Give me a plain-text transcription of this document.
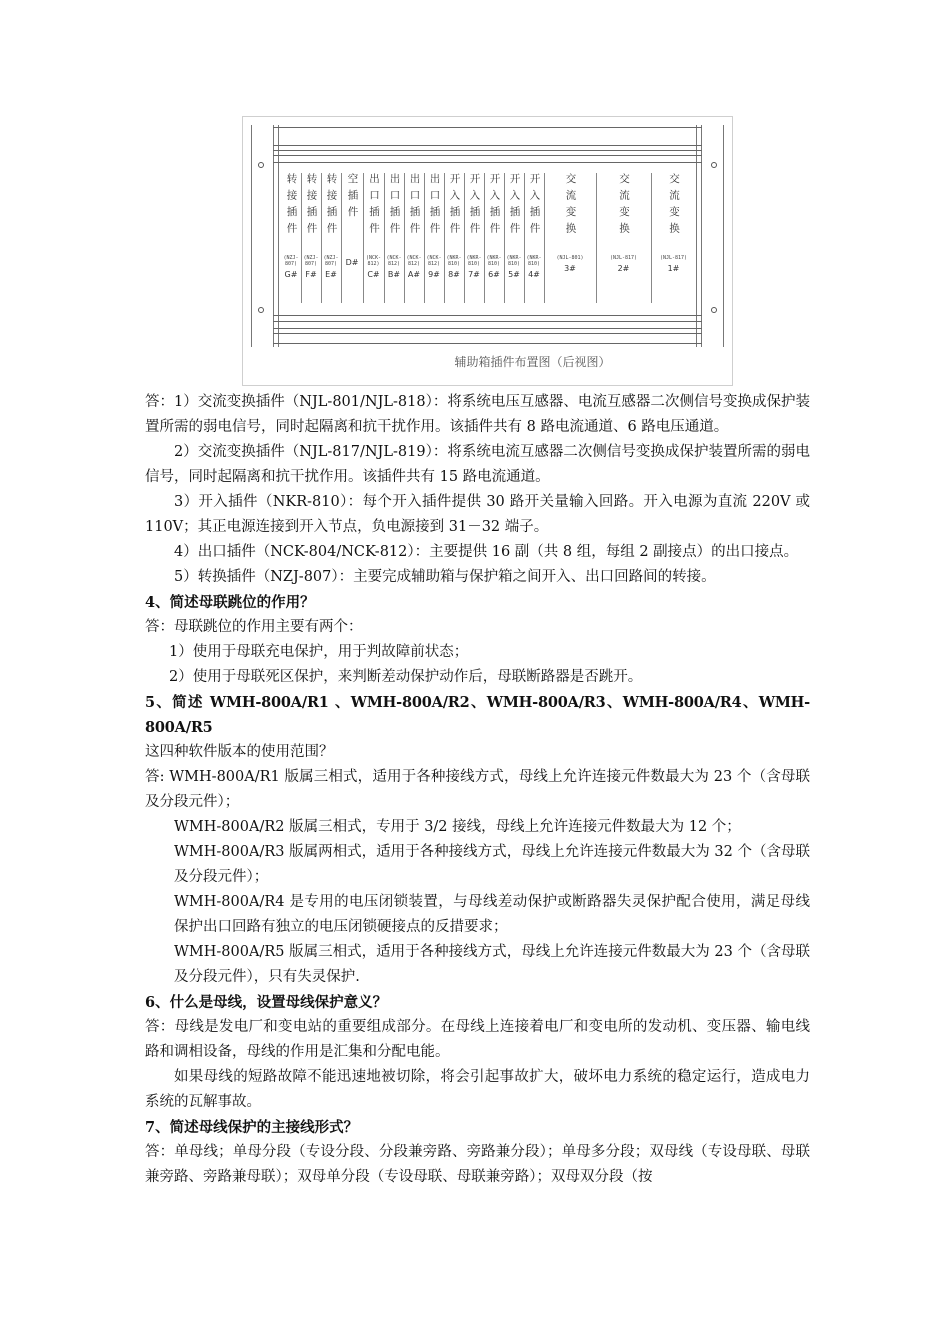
转接插件
(NZJ-807)
G#
转接插件
(NZJ-807)
F#
转接插件
(NZJ-807)
E#
空插件
D#
出口插件
(NCK-812)
C#
出口插件
(NCK-812)
B#
出口插件
(NCK-812)
A#
出口插件
(NCK-812)
9#
开入插件
(NKR-810)
8#
开入插件
(NKR-810)
7#
开入插件
(NKR-810)
6#
开入插件
(NKR-810)
5#
开入插件
(NKR-810)
4#
交流变换
(NJL-801)
3#
交流变换
(NJL-817)
2#
交流变换
(NJL-817)
1#
辅助箱插件布置图（后视图）

答：1）交流变换插件（NJL-801/NJL-818）：将系统电压互感器、电流互感器二次侧信号变换成保护装置所需的弱电信号，同时起隔离和抗干扰作用。该插件共有 8 路电流通道、6 路电压通道。

2）交流变换插件（NJL-817/NJL-819）：将系统电流互感器二次侧信号变换成保护装置所需的弱电信号，同时起隔离和抗干扰作用。该插件共有 15 路电流通道。

3）开入插件（NKR-810）：每个开入插件提供 30 路开关量输入回路。开入电源为直流 220V 或 110V；其正电源连接到开入节点，负电源接到 31－32 端子。

4）出口插件（NCK-804/NCK-812）：主要提供 16 副（共 8 组，每组 2 副接点）的出口接点。

5）转换插件（NZJ-807）：主要完成辅助箱与保护箱之间开入、出口回路间的转接。

4、简述母联跳位的作用？

答：母联跳位的作用主要有两个：

1）使用于母联充电保护，用于判故障前状态；

2）使用于母联死区保护，来判断差动保护动作后，母联断路器是否跳开。

5、简述 WMH-800A/R1 、WMH-800A/R2、WMH-800A/R3、WMH-800A/R4、WMH-800A/R5

这四种软件版本的使用范围？

答: WMH-800A/R1 版属三相式，适用于各种接线方式，母线上允许连接元件数最大为 23 个（含母联及分段元件）；

WMH-800A/R2 版属三相式，专用于 3/2 接线，母线上允许连接元件数最大为 12 个；

WMH-800A/R3 版属两相式，适用于各种接线方式，母线上允许连接元件数最大为 32 个（含母联及分段元件）；

WMH-800A/R4 是专用的电压闭锁装置，与母线差动保护或断路器失灵保护配合使用，满足母线保护出口回路有独立的电压闭锁硬接点的反措要求；

WMH-800A/R5 版属三相式，适用于各种接线方式，母线上允许连接元件数最大为 23 个（含母联及分段元件），只有失灵保护.

6、什么是母线，设置母线保护意义？

答：母线是发电厂和变电站的重要组成部分。在母线上连接着电厂和变电所的发动机、变压器、输电线路和调相设备，母线的作用是汇集和分配电能。

如果母线的短路故障不能迅速地被切除，将会引起事故扩大，破坏电力系统的稳定运行，造成电力系统的瓦解事故。

7、简述母线保护的主接线形式？

答：单母线；单母分段（专设分段、分段兼旁路、旁路兼分段）；单母多分段；双母线（专设母联、母联兼旁路、旁路兼母联）；双母单分段（专设母联、母联兼旁路）；双母双分段（按
